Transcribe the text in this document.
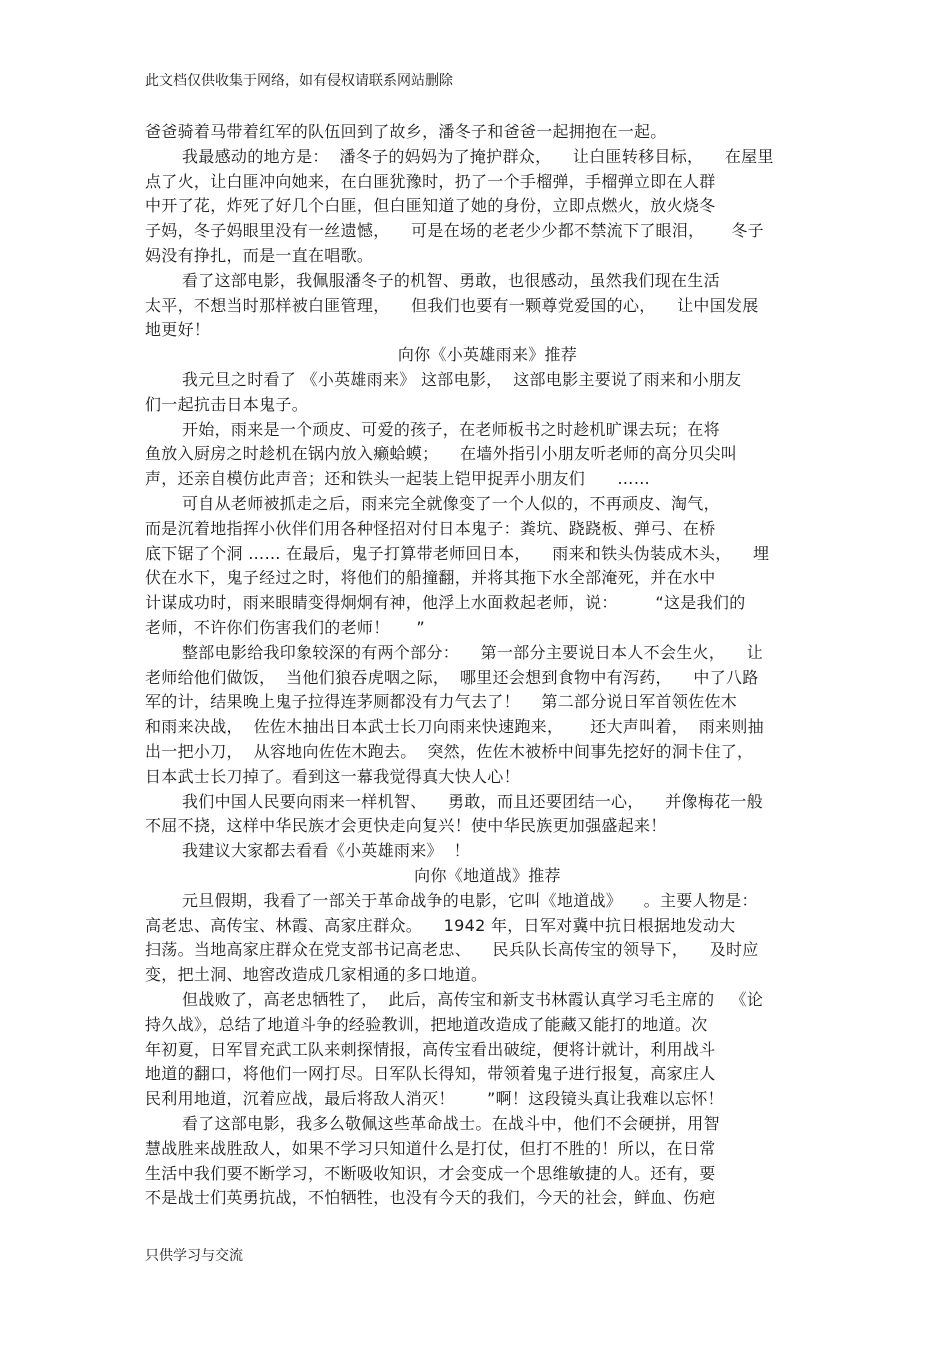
此文档仅供收集于网络，如有侵权请联系网站删除
爸爸骑着马带着红军的队伍回到了故乡，潘冬子和爸爸一起拥抱在一起。
我最感动的地方是：  潘冬子的妈妈为了掩护群众，    让白匪转移目标，    在屋里
点了火，让白匪冲向她来，在白匪犹豫时，扔了一个手榴弹，手榴弹立即在人群
中开了花，炸死了好几个白匪，但白匪知道了她的身份，立即点燃火，放火烧冬
子妈，冬子妈眼里没有一丝遗憾，    可是在场的老老少少都不禁流下了眼泪，     冬子
妈没有挣扎，而是一直在唱歌。
看了这部电影，我佩服潘冬子的机智、勇敢，也很感动，虽然我们现在生活
太平，不想当时那样被白匪管理，    但我们也要有一颗尊党爱国的心，    让中国发展
地更好！
向你《小英雄雨来》推荐
我元旦之时看了 《小英雄雨来》 这部电影，  这部电影主要说了雨来和小朋友
们一起抗击日本鬼子。
开始，雨来是一个顽皮、可爱的孩子，在老师板书之时趁机旷课去玩；在将
鱼放入厨房之时趁机在锅内放入癞蛤蟆；    在墙外指引小朋友听老师的高分贝尖叫
声，还亲自模仿此声音；还和铁头一起装上铠甲捉弄小朋友们      ……
可自从老师被抓走之后，雨来完全就像变了一个人似的，不再顽皮、淘气，
而是沉着地指挥小伙伴们用各种怪招对付日本鬼子：粪坑、跷跷板、弹弓、在桥
底下锯了个洞 …… 在最后，鬼子打算带老师回日本，    雨来和铁头伪装成木头，    埋
伏在水下，鬼子经过之时，将他们的船撞翻，并将其拖下水全部淹死，并在水中
计谋成功时，雨来眼睛变得炯炯有神，他浮上水面救起老师，说：       “这是我们的
老师，不许你们伤害我们的老师！     ”
整部电影给我印象较深的有两个部分：    第一部分主要说日本人不会生火，    让
老师给他们做饭，  当他们狼吞虎咽之际，  哪里还会想到食物中有泻药，    中了八路
军的计，结果晚上鬼子拉得连茅厕都没有力气去了！    第二部分说日军首领佐佐木
和雨来决战，  佐佐木抽出日本武士长刀向雨来快速跑来，     还大声叫着，  雨来则抽
出一把小刀，  从容地向佐佐木跑去。  突然，佐佐木被桥中间事先挖好的洞卡住了，
日本武士长刀掉了。看到这一幕我觉得真大快人心！
我们中国人民要向雨来一样机智、    勇敢，而且还要团结一心，    并像梅花一般
不屈不挠，这样中华民族才会更快走向复兴！使中华民族更加强盛起来！
我建议大家都去看看《小英雄雨来》  ！
向你《地道战》推荐
元旦假期，我看了一部关于革命战争的电影，它叫《地道战》    。主要人物是：
高老忠、高传宝、林霞、高家庄群众。    1942 年，日军对冀中抗日根据地发动大
扫荡。当地高家庄群众在党支部书记高老忠、    民兵队长高传宝的领导下，    及时应
变，把土洞、地窖改造成几家相通的多口地道。
但战败了，高老忠牺牲了，  此后，高传宝和新支书林霞认真学习毛主席的   《论
持久战》，总结了地道斗争的经验教训，把地道改造成了能藏又能打的地道。次
年初夏，日军冒充武工队来刺探情报，高传宝看出破绽，便将计就计，利用战斗
地道的翻口，将他们一网打尽。日军队长得知，带领着鬼子进行报复，高家庄人
民利用地道，沉着应战，最后将敌人消灭！      ”啊！这段镜头真让我难以忘怀！
看了这部电影，我多么敬佩这些革命战士。在战斗中，他们不会硬拼，用智
慧战胜来战胜敌人，如果不学习只知道什么是打仗，但打不胜的！所以，在日常
生活中我们要不断学习，不断吸收知识，才会变成一个思维敏捷的人。还有，要
不是战士们英勇抗战，不怕牺牲，也没有今天的我们，今天的社会，鲜血、伤疤
只供学习与交流
